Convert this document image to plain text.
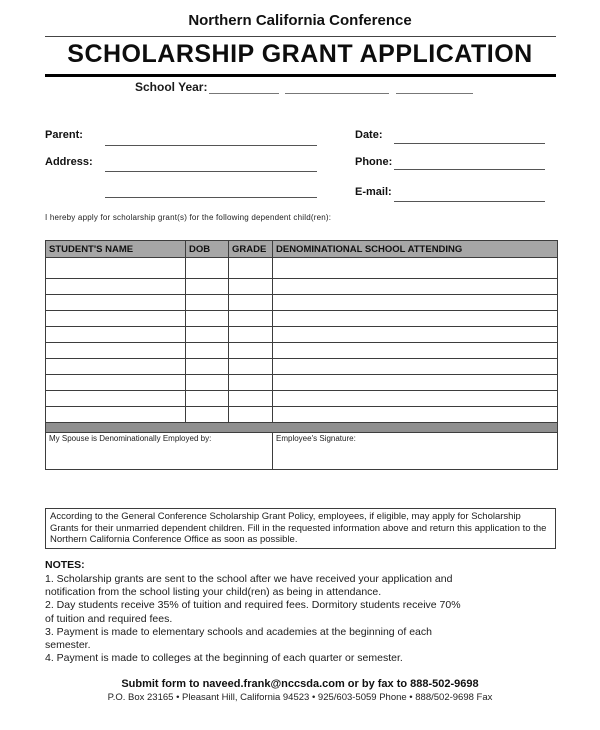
Northern California Conference
SCHOLARSHIP GRANT APPLICATION
School Year:
Parent:	Date:
Address:	Phone:
E-mail:
I hereby apply for scholarship grant(s) for the following dependent child(ren):
STUDENT'S NAME	DOB	GRADE	DENOMINATIONAL SCHOOL ATTENDING

My Spouse is Denominationally Employed by:			Employee's Signature:
According to the General Conference Scholarship Grant Policy, employees, if eligible, may apply for Scholarship Grants for their unmarried dependent children. Fill in the requested information above and return this application to the Northern California Conference Office as soon as possible.
NOTES:

1. Scholarship grants are sent to the school after we have received your application and notification from the school listing your child(ren) as being in attendance.

2. Day students receive 35% of tuition and required fees. Dormitory students receive 70% of tuition and required fees.

3. Payment is made to elementary schools and academies at the beginning of each semester.

4. Payment is made to colleges at the beginning of each quarter or semester.

Submit form to naveed.frank@nccsda.com or by fax to 888-502-9698
P.O. Box 23165 • Pleasant Hill, California 94523 • 925/603-5059 Phone • 888/502-9698 Fax
